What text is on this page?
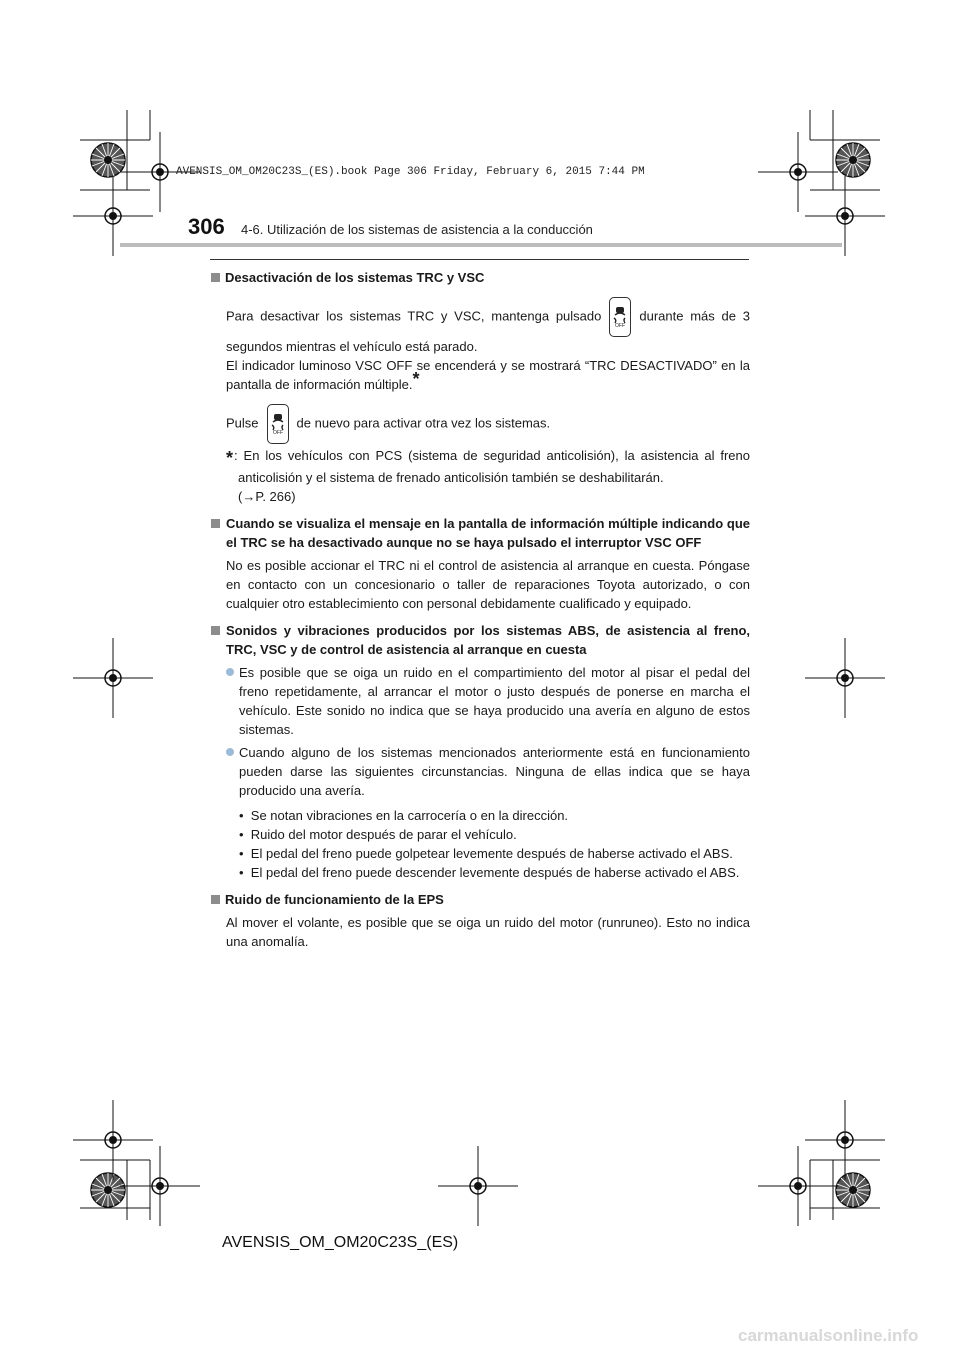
AVENSIS_OM_OM20C23S_(ES).book Page 306 Friday, February 6, 2015 7:44 PM
306 4-6. Utilización de los sistemas de asistencia a la conducción
Desactivación de los sistemas TRC y VSC
Para desactivar los sistemas TRC y VSC, mantenga pulsado
OFF
durante más de 3 segundos mientras el vehículo está parado.
El indicador luminoso VSC OFF se encenderá y se mostrará “TRC DESACTIVADO” en la pantalla de información múltiple.*
Pulse
OFF
de nuevo para activar otra vez los sistemas.
*: En los vehículos con PCS (sistema de seguridad anticolisión), la asistencia al freno anticolisión y el sistema de frenado anticolisión también se deshabilitarán.
(→P. 266)
Cuando se visualiza el mensaje en la pantalla de información múltiple indicando que el TRC se ha desactivado aunque no se haya pulsado el interruptor VSC OFF
No es posible accionar el TRC ni el control de asistencia al arranque en cuesta. Póngase en contacto con un concesionario o taller de reparaciones Toyota autorizado, o con cualquier otro establecimiento con personal debidamente cualificado y equipado.
Sonidos y vibraciones producidos por los sistemas ABS, de asistencia al freno, TRC, VSC y de control de asistencia al arranque en cuesta
Es posible que se oiga un ruido en el compartimiento del motor al pisar el pedal del freno repetidamente, al arrancar el motor o justo después de ponerse en marcha el vehículo. Este sonido no indica que se haya producido una avería en alguno de estos sistemas.
Cuando alguno de los sistemas mencionados anteriormente está en funcionamiento pueden darse las siguientes circunstancias. Ninguna de ellas indica que se haya producido una avería.
• Se notan vibraciones en la carrocería o en la dirección.
• Ruido del motor después de parar el vehículo.
• El pedal del freno puede golpetear levemente después de haberse activado el ABS.
• El pedal del freno puede descender levemente después de haberse activado el ABS.
Ruido de funcionamiento de la EPS
Al mover el volante, es posible que se oiga un ruido del motor (runruneo). Esto no indica una anomalía.
AVENSIS_OM_OM20C23S_(ES)
carmanualsonline.info
